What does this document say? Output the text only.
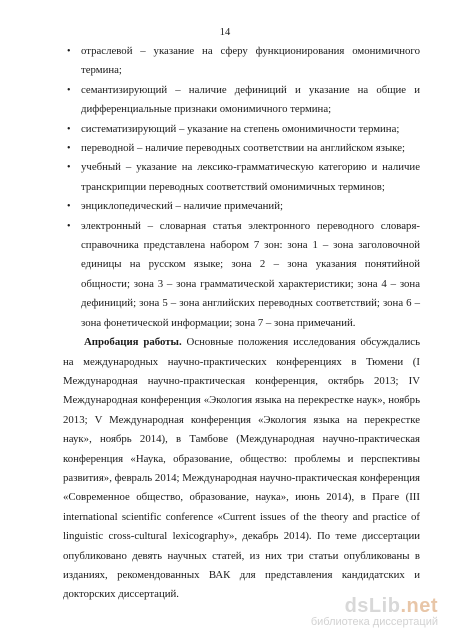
14
• отраслевой – указание на сферу функционирования омонимичного термина;
• семантизирующий – наличие дефиниций и указание на общие и дифференциальные признаки омонимичного термина;
• систематизирующий – указание на степень омонимичности термина;
• переводной – наличие переводных соответствии на английском языке;
• учебный – указание на лексико-грамматическую категорию и наличие транскрипции переводных соответствий омонимичных терминов;
• энциклопедический – наличие примечаний;
• электронный – словарная статья электронного переводного словаря-справочника представлена набором 7 зон: зона 1 – зона заголовочной единицы на русском языке; зона 2 – зона указания понятийной общности; зона 3 – зона грамматической характеристики; зона 4 – зона дефиниций; зона 5 – зона английских переводных соответствий; зона 6 – зона фонетической информации; зона 7 – зона примечаний.

Апробация работы. Основные положения исследования обсуждались на международных научно-практических конференциях в Тюмени (I Международная научно-практическая конференция, октябрь 2013; IV Международная конференция «Экология языка на перекрестке наук», ноябрь 2013; V Международная конференция «Экология языка на перекрестке наук», ноябрь 2014), в Тамбове (Международная научно-практическая конференция «Наука, образование, общество: проблемы и перспективы развития», февраль 2014; Международная научно-практическая конференция «Современное общество, образование, наука», июнь 2014), в Праге (III international scientific conference «Current issues of the theory and practice of linguistic cross-cultural lexicography», декабрь 2014). По теме диссертации опубликовано девять научных статей, из них три статьи опубликованы в изданиях, рекомендованных ВАК для представления кандидатских и докторских диссертаций.

dsLib.net
библиотека диссертаций
